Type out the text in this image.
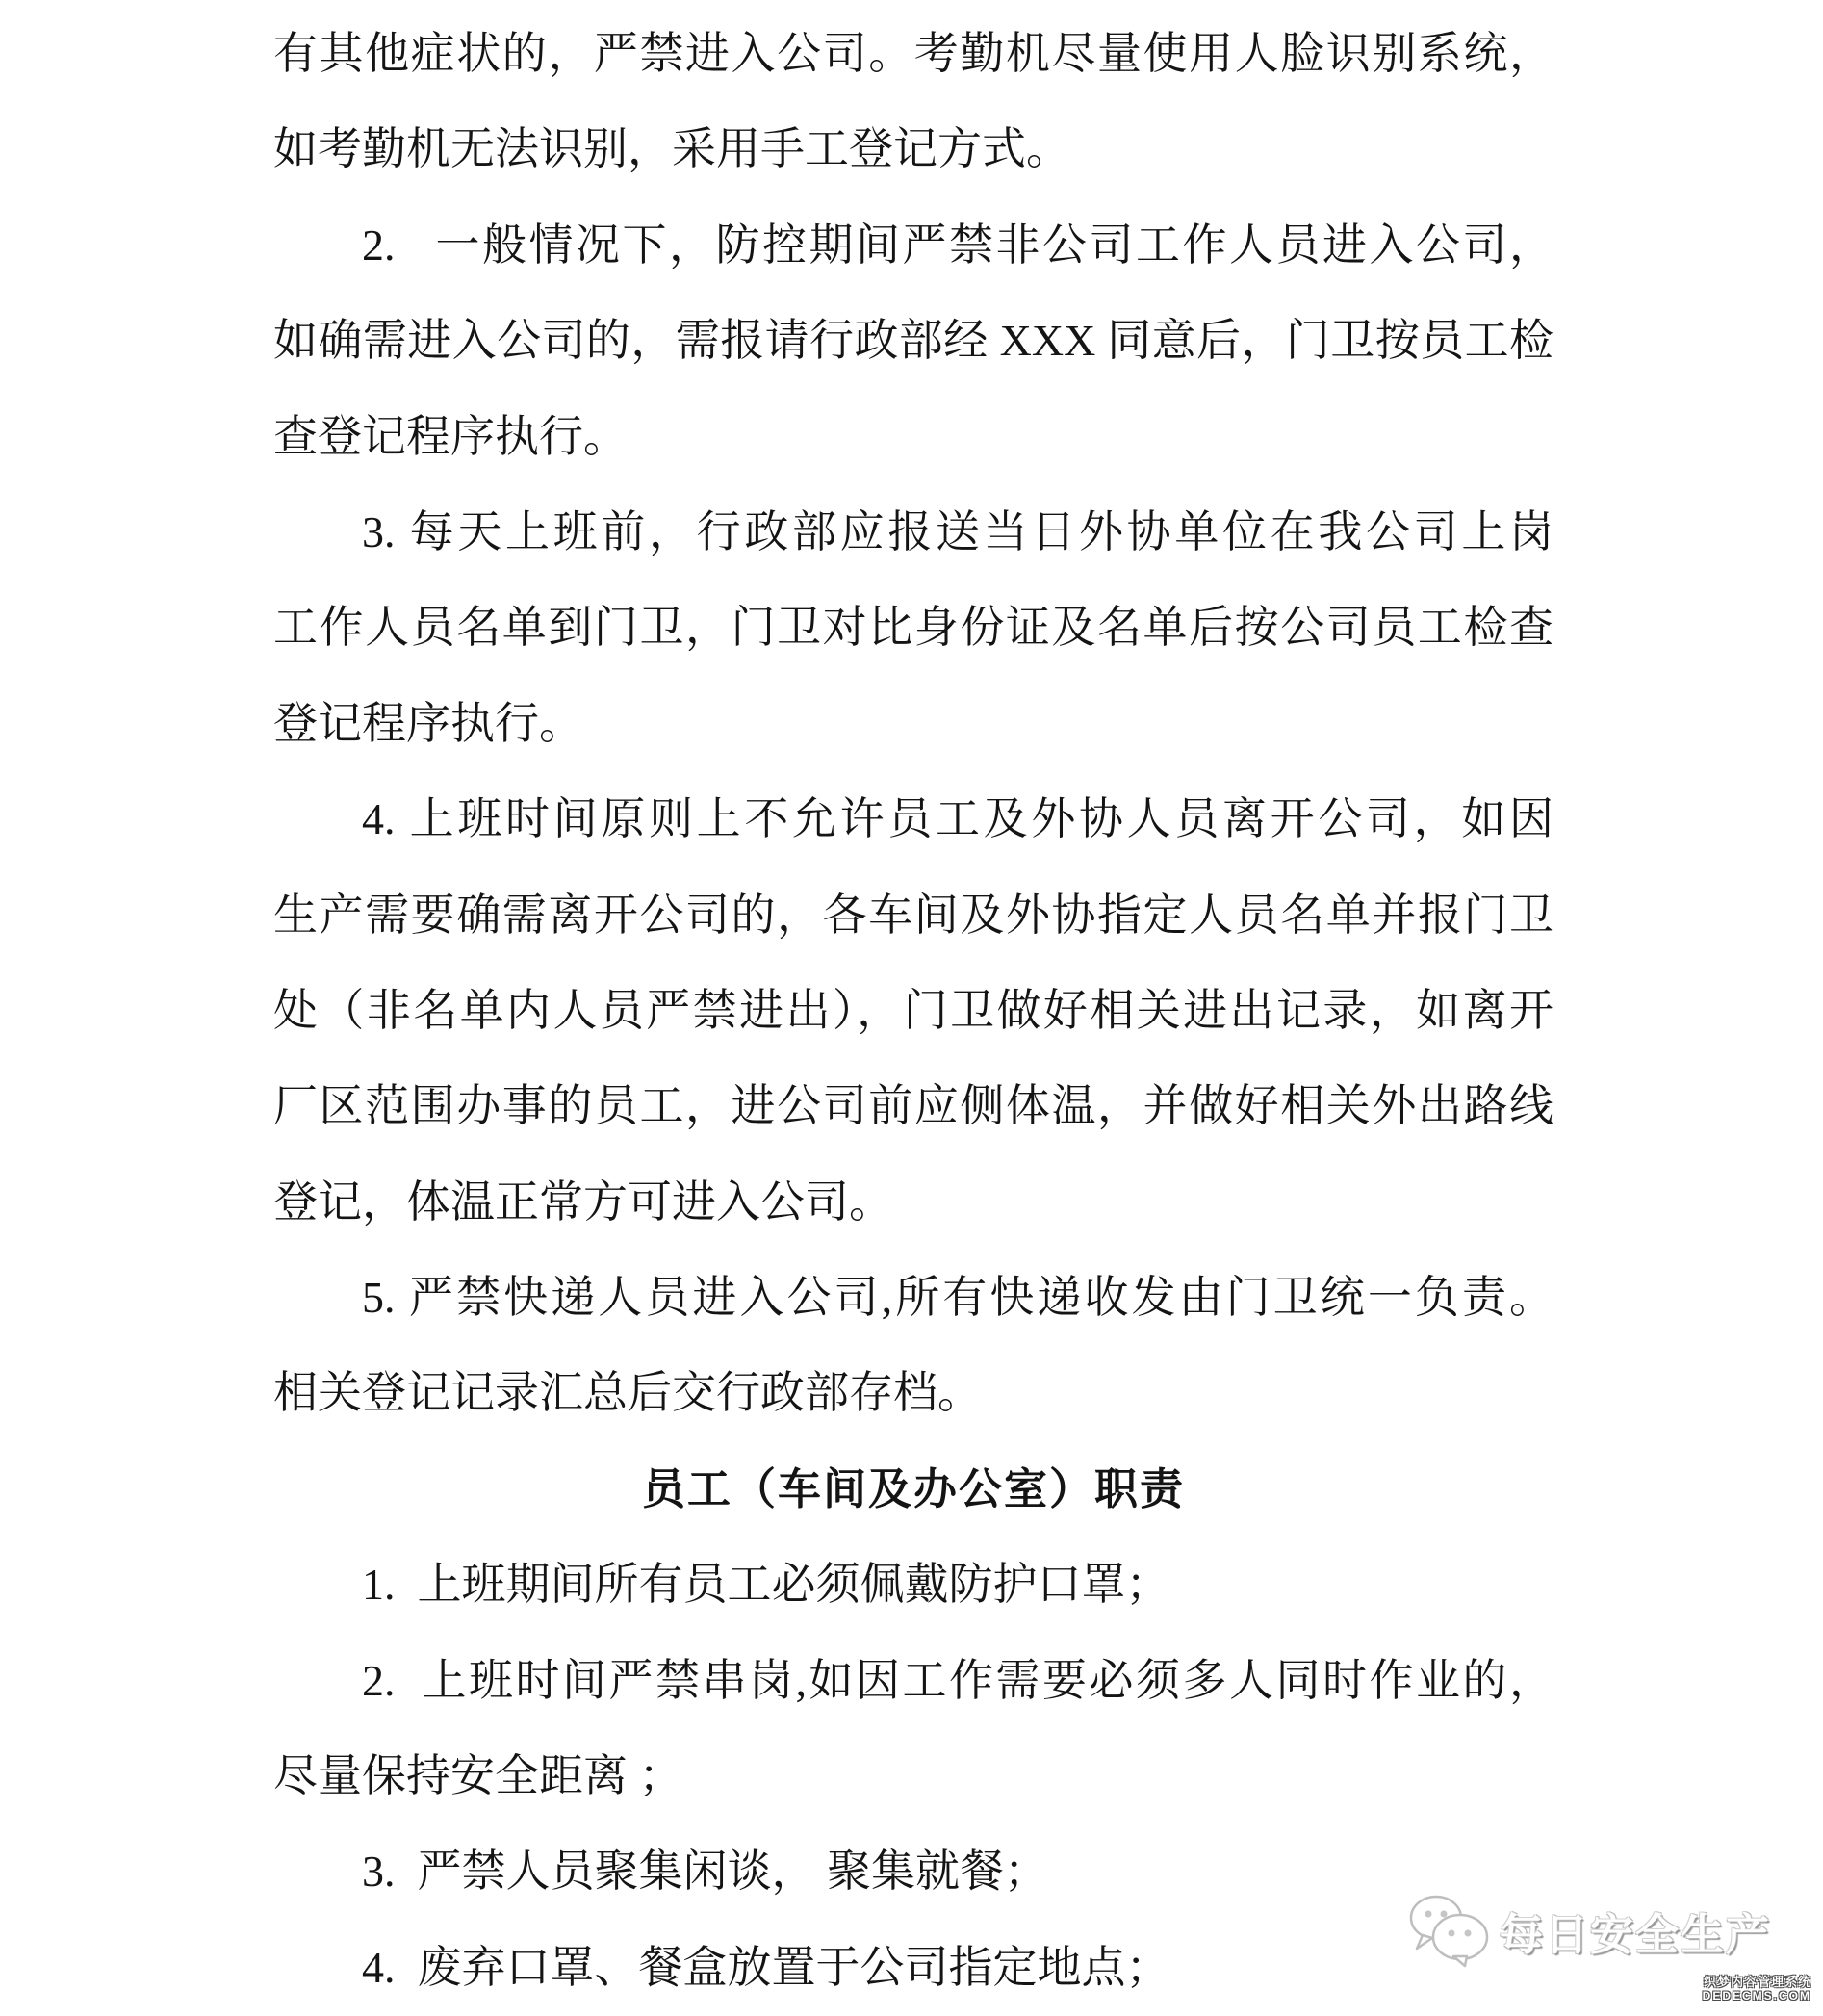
有其他症状的，严禁进入公司。考勤机尽量使用人脸识别系统，
如考勤机无法识别，采用手工登记方式。
2.   一般情况下，防控期间严禁非公司工作人员进入公司，
如确需进入公司的，需报请行政部经 XXX 同意后，门卫按员工检
查登记程序执行。
3. 每天上班前，行政部应报送当日外协单位在我公司上岗
工作人员名单到门卫，门卫对比身份证及名单后按公司员工检查
登记程序执行。
4. 上班时间原则上不允许员工及外协人员离开公司，如因
生产需要确需离开公司的，各车间及外协指定人员名单并报门卫
处（非名单内人员严禁进出），门卫做好相关进出记录，如离开
厂区范围办事的员工，进公司前应侧体温，并做好相关外出路线
登记，体温正常方可进入公司。
5. 严禁快递人员进入公司,所有快递收发由门卫统一负责。
相关登记记录汇总后交行政部存档。
员工（车间及办公室）职责
1.  上班期间所有员工必须佩戴防护口罩；
2.  上班时间严禁串岗,如因工作需要必须多人同时作业的，
尽量保持安全距离 ；
3.  严禁人员聚集闲谈， 聚集就餐；
4.  废弃口罩、餐盒放置于公司指定地点；
每日安全生产
织梦内容管理系统
DEDECMS.COM
